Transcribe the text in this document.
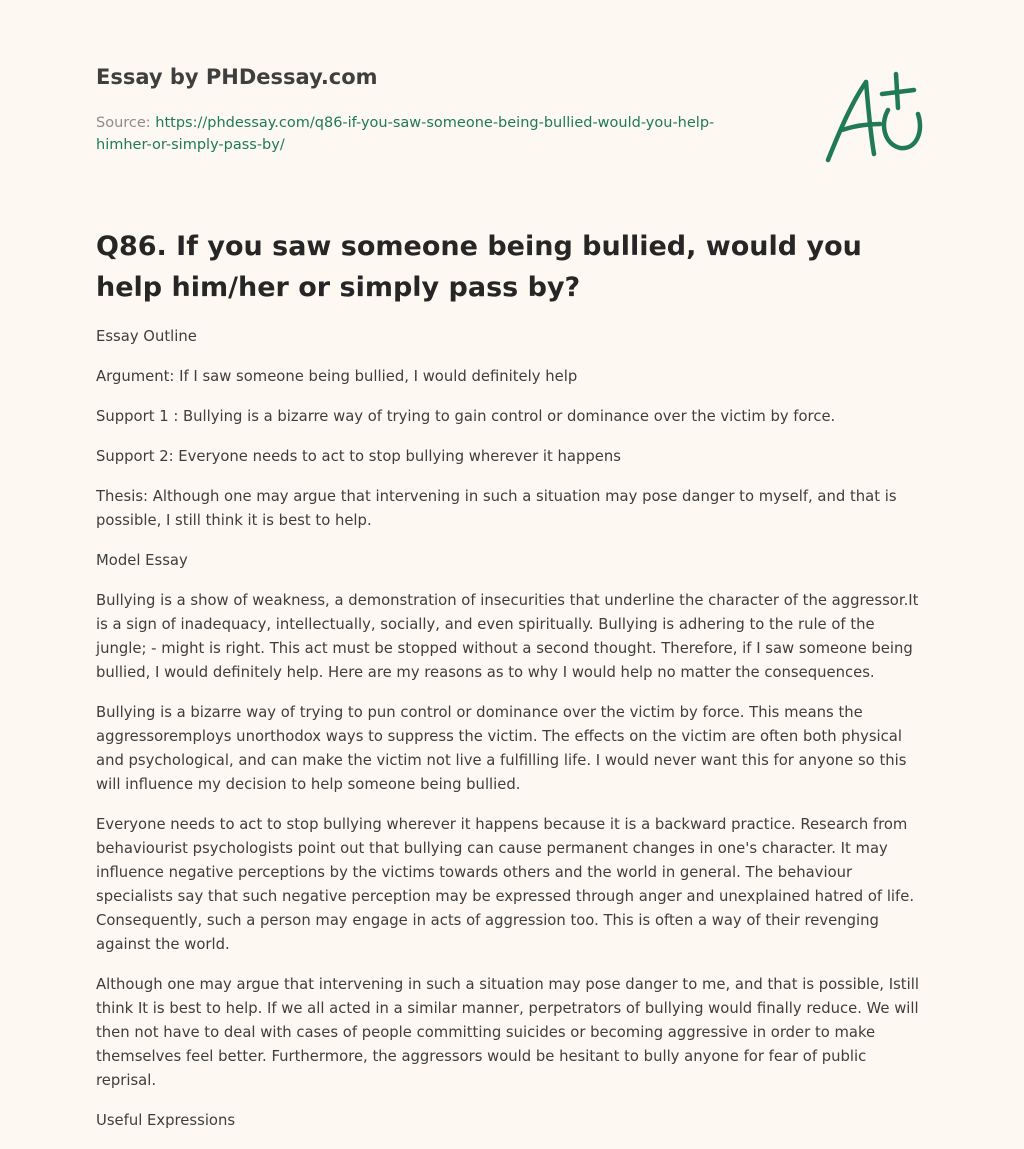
Essay by PHDessay.com
Source: https://phdessay.com/q86-if-you-saw-someone-being-bullied-would-you-help-
himher-or-simply-pass-by/
Q86. If you saw someone being bullied, would you help him/her or simply pass by?

Essay Outline

Argument: If I saw someone being bullied, I would definitely help

Support 1 : Bullying is a bizarre way of trying to gain control or dominance over the victim by force.

Support 2: Everyone needs to act to stop bullying wherever it happens

Thesis: Although one may argue that intervening in such a situation may pose danger to myself, and that is possible, I still think it is best to help.

Model Essay

Bullying is a show of weakness, a demonstration of insecurities that underline the character of the aggressor.It is a sign of inadequacy, intellectually, socially, and even spiritually. Bullying is adhering to the rule of the jungle; - might is right. This act must be stopped without a second thought. Therefore, if I saw someone being bullied, I would definitely help. Here are my reasons as to why I would help no matter the consequences.

Bullying is a bizarre way of trying to pun control or dominance over the victim by force. This means the aggressoremploys unorthodox ways to suppress the victim. The effects on the victim are often both physical and psychological, and can make the victim not live a fulfilling life. I would never want this for anyone so this will influence my decision to help someone being bullied.

Everyone needs to act to stop bullying wherever it happens because it is a backward practice. Research from behaviourist psychologists point out that bullying can cause permanent changes in one's character. It may influence negative perceptions by the victims towards others and the world in general. The behaviour specialists say that such negative perception may be expressed through anger and unexplained hatred of life. Consequently, such a person may engage in acts of aggression too. This is often a way of their revenging against the world.

Although one may argue that intervening in such a situation may pose danger to me, and that is possible, Istill think It is best to help. If we all acted in a similar manner, perpetrators of bullying would finally reduce. We will then not have to deal with cases of people committing suicides or becoming aggressive in order to make themselves feel better. Furthermore, the aggressors would be hesitant to bully anyone for fear of public reprisal.

Useful Expressions
